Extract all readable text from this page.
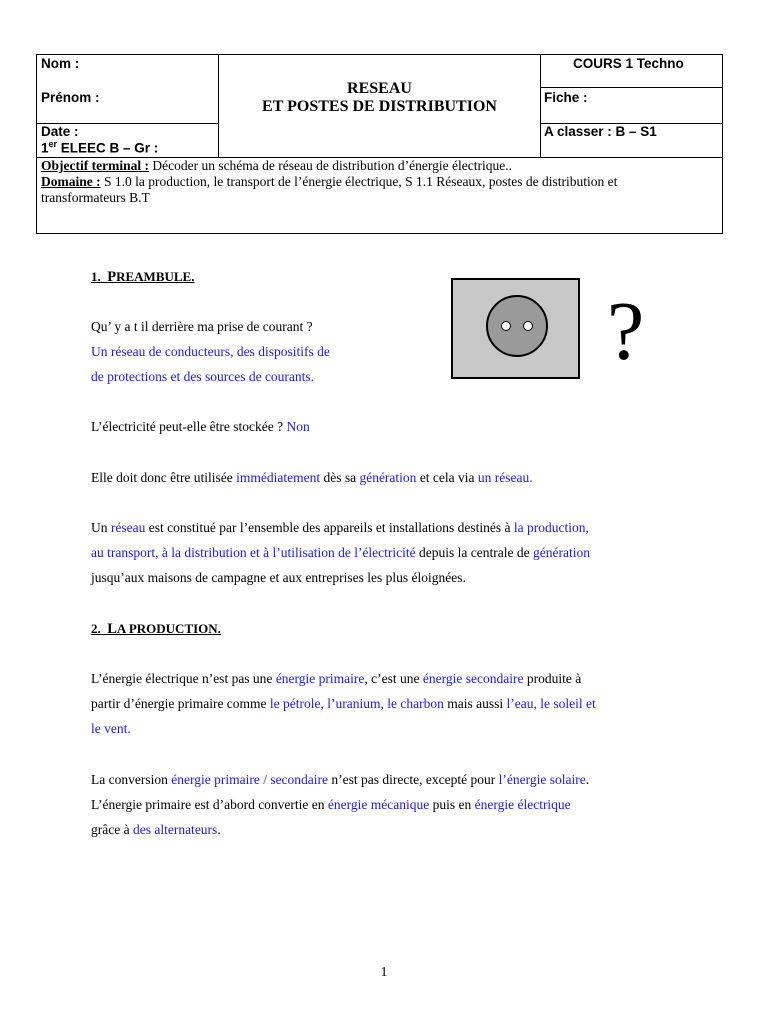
Nom :
Prénom :
Date :
1er ELEEC B – Gr :
RESEAU
ET POSTES DE DISTRIBUTION
COURS 1 Techno
Fiche :
A classer : B – S1
Objectif terminal : Décoder un schéma de réseau de distribution d’énergie électrique..
Domaine : S 1.0 la production, le transport de l’énergie électrique, S 1.1 Réseaux, postes de distribution et
transformateurs B.T
1. PREAMBULE.
Qu’ y a t il derrière ma prise de courant ?
Un réseau de conducteurs, des dispositifs de
de protections et des sources de courants.	?
L’électricité peut-elle être stockée ? Non
Elle doit donc être utilisée immédiatement dès sa génération et cela via un réseau.
Un réseau est constitué par l’ensemble des appareils et installations destinés à la production,
au transport, à la distribution et à l’utilisation de l’électricité depuis la centrale de génération
jusqu’aux maisons de campagne et aux entreprises les plus éloignées.
2. LA PRODUCTION.
L’énergie électrique n’est pas une énergie primaire, c’est une énergie secondaire produite à
partir d’énergie primaire comme le pétrole, l’uranium, le charbon mais aussi l’eau, le soleil et
le vent.
La conversion énergie primaire / secondaire n’est pas directe, excepté pour l’énergie solaire.
L’énergie primaire est d’abord convertie en énergie mécanique puis en énergie électrique
grâce à des alternateurs.
1
